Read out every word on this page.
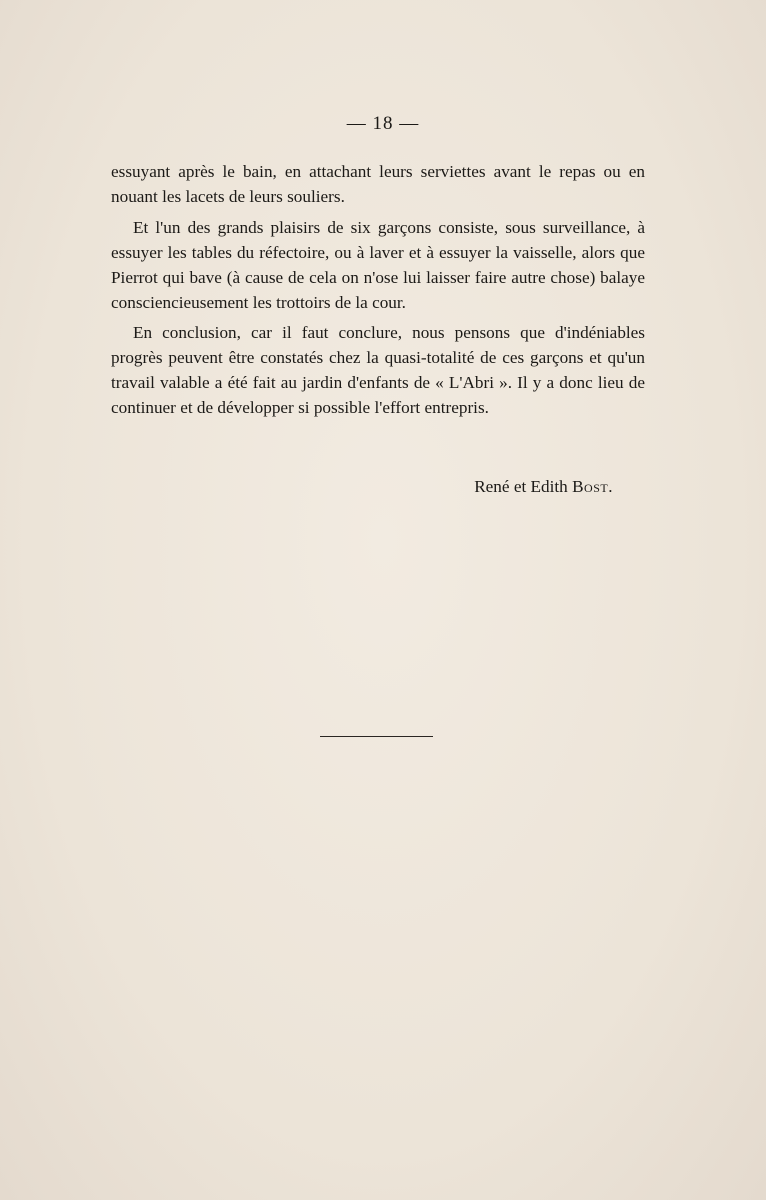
— 18 —

essuyant après le bain, en attachant leurs serviettes avant le repas ou en nouant les lacets de leurs souliers.

Et l'un des grands plaisirs de six garçons consiste, sous surveillance, à essuyer les tables du réfectoire, ou à laver et à essuyer la vaisselle, alors que Pierrot qui bave (à cause de cela on n'ose lui laisser faire autre chose) balaye consciencieusement les trottoirs de la cour.

En conclusion, car il faut conclure, nous pensons que d'indéniables progrès peuvent être constatés chez la quasi-totalité de ces garçons et qu'un travail valable a été fait au jardin d'enfants de « L'Abri ». Il y a donc lieu de continuer et de développer si possible l'effort entrepris.

René et Edith Bost.
